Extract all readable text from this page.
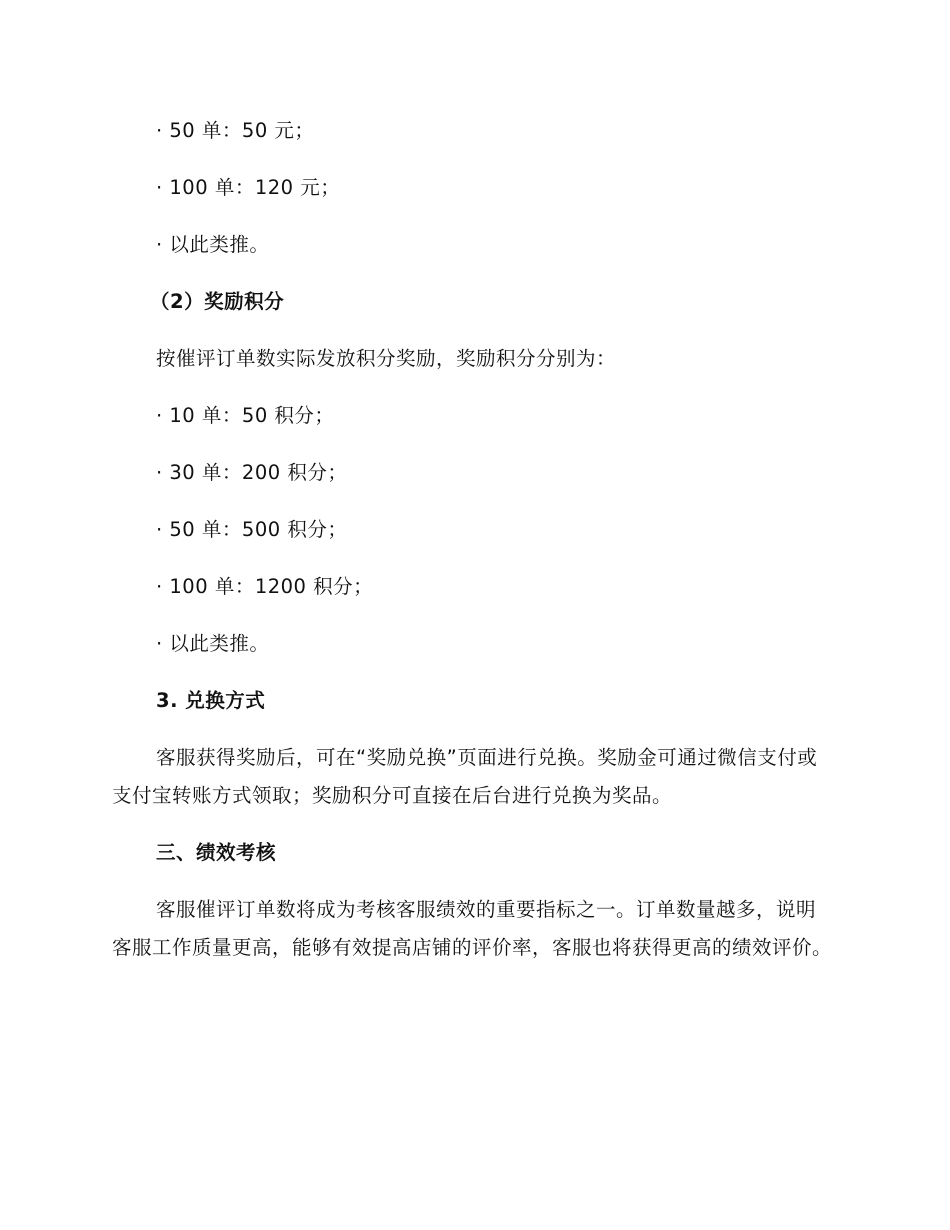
· 50 单：50 元；
· 100 单：120 元；
· 以此类推。
（2）奖励积分
按催评订单数实际发放积分奖励，奖励积分分别为：
· 10 单：50 积分；
· 30 单：200 积分；
· 50 单：500 积分；
· 100 单：1200 积分；
· 以此类推。
3. 兑换方式
客服获得奖励后，可在“奖励兑换”页面进行兑换。奖励金可通过微信支付或支付宝转账方式领取；奖励积分可直接在后台进行兑换为奖品。
三、绩效考核
客服催评订单数将成为考核客服绩效的重要指标之一。订单数量越多，说明客服工作质量更高，能够有效提高店铺的评价率，客服也将获得更高的绩效评价。
